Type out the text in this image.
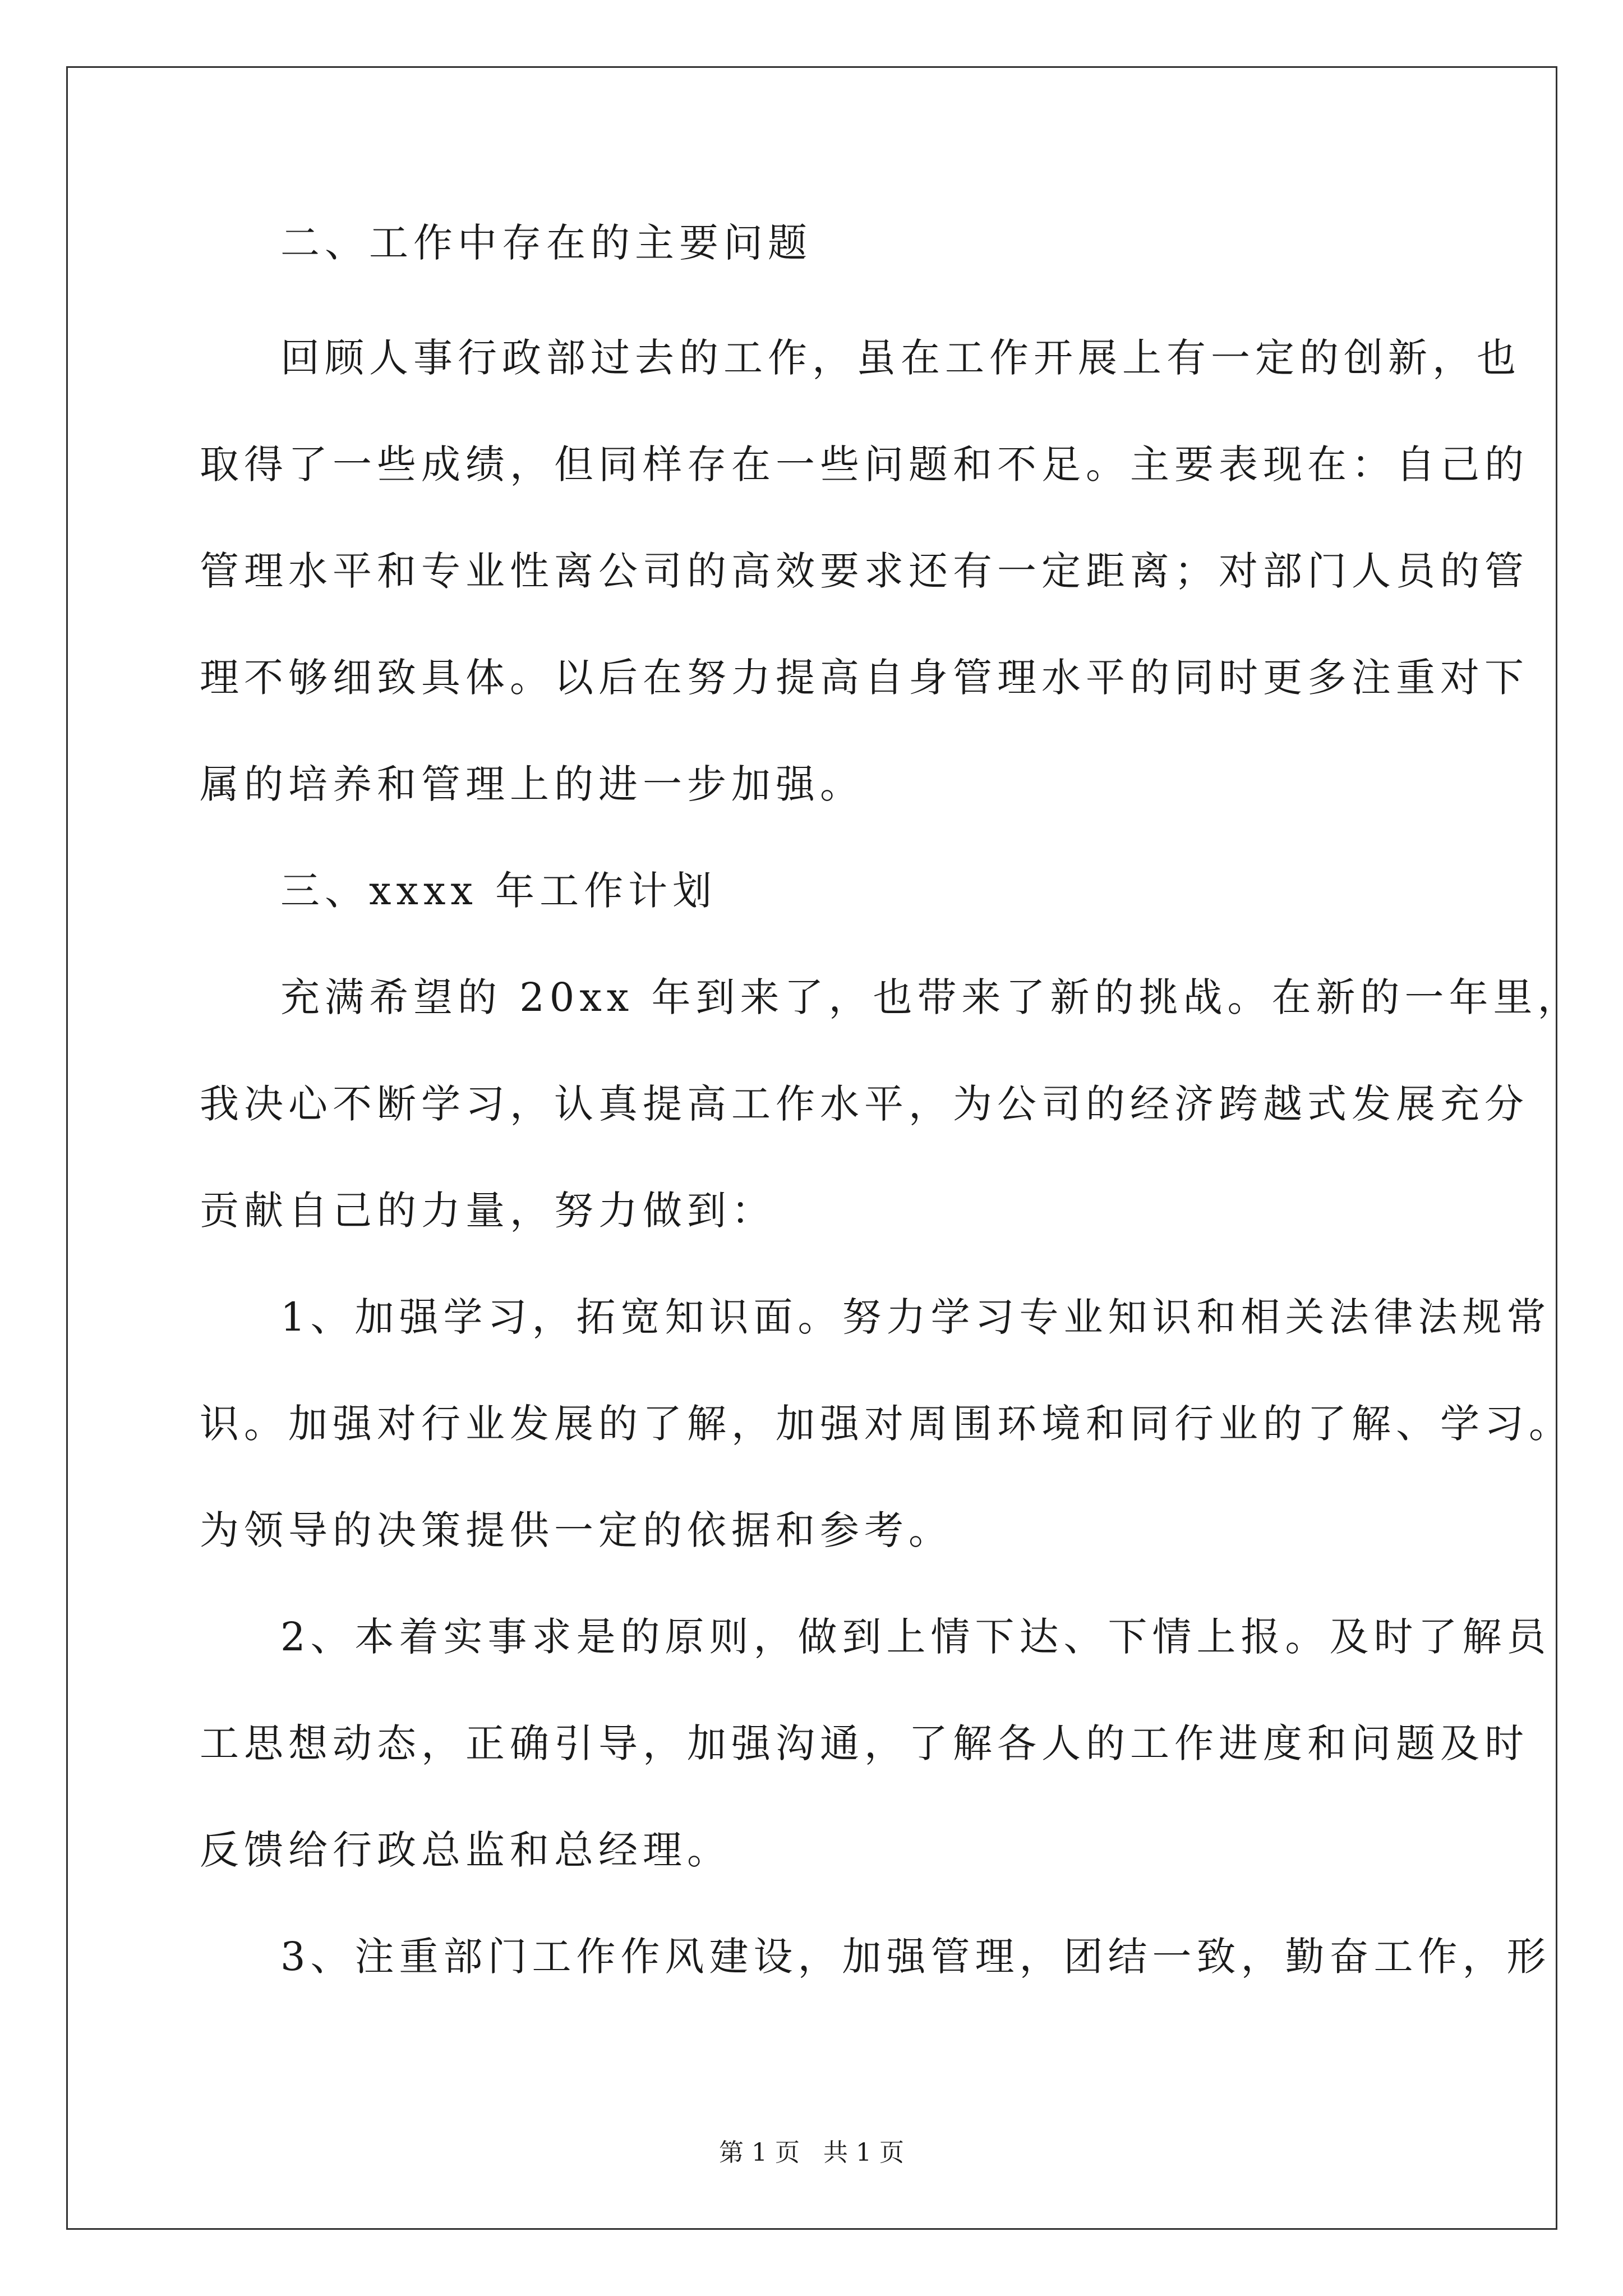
二、工作中存在的主要问题
回顾人事行政部过去的工作，虽在工作开展上有一定的创新，也
取得了一些成绩，但同样存在一些问题和不足。主要表现在：自己的
管理水平和专业性离公司的高效要求还有一定距离；对部门人员的管
理不够细致具体。以后在努力提高自身管理水平的同时更多注重对下
属的培养和管理上的进一步加强。
三、xxxx 年工作计划
充满希望的 20xx 年到来了，也带来了新的挑战。在新的一年里，
我决心不断学习，认真提高工作水平，为公司的经济跨越式发展充分
贡献自己的力量，努力做到：
1、加强学习，拓宽知识面。努力学习专业知识和相关法律法规常
识。加强对行业发展的了解，加强对周围环境和同行业的了解、学习。
为领导的决策提供一定的依据和参考。
2、本着实事求是的原则，做到上情下达、下情上报。及时了解员
工思想动态，正确引导，加强沟通，了解各人的工作进度和问题及时
反馈给行政总监和总经理。
3、注重部门工作作风建设，加强管理，团结一致，勤奋工作，形
第 1 页   共 1 页
